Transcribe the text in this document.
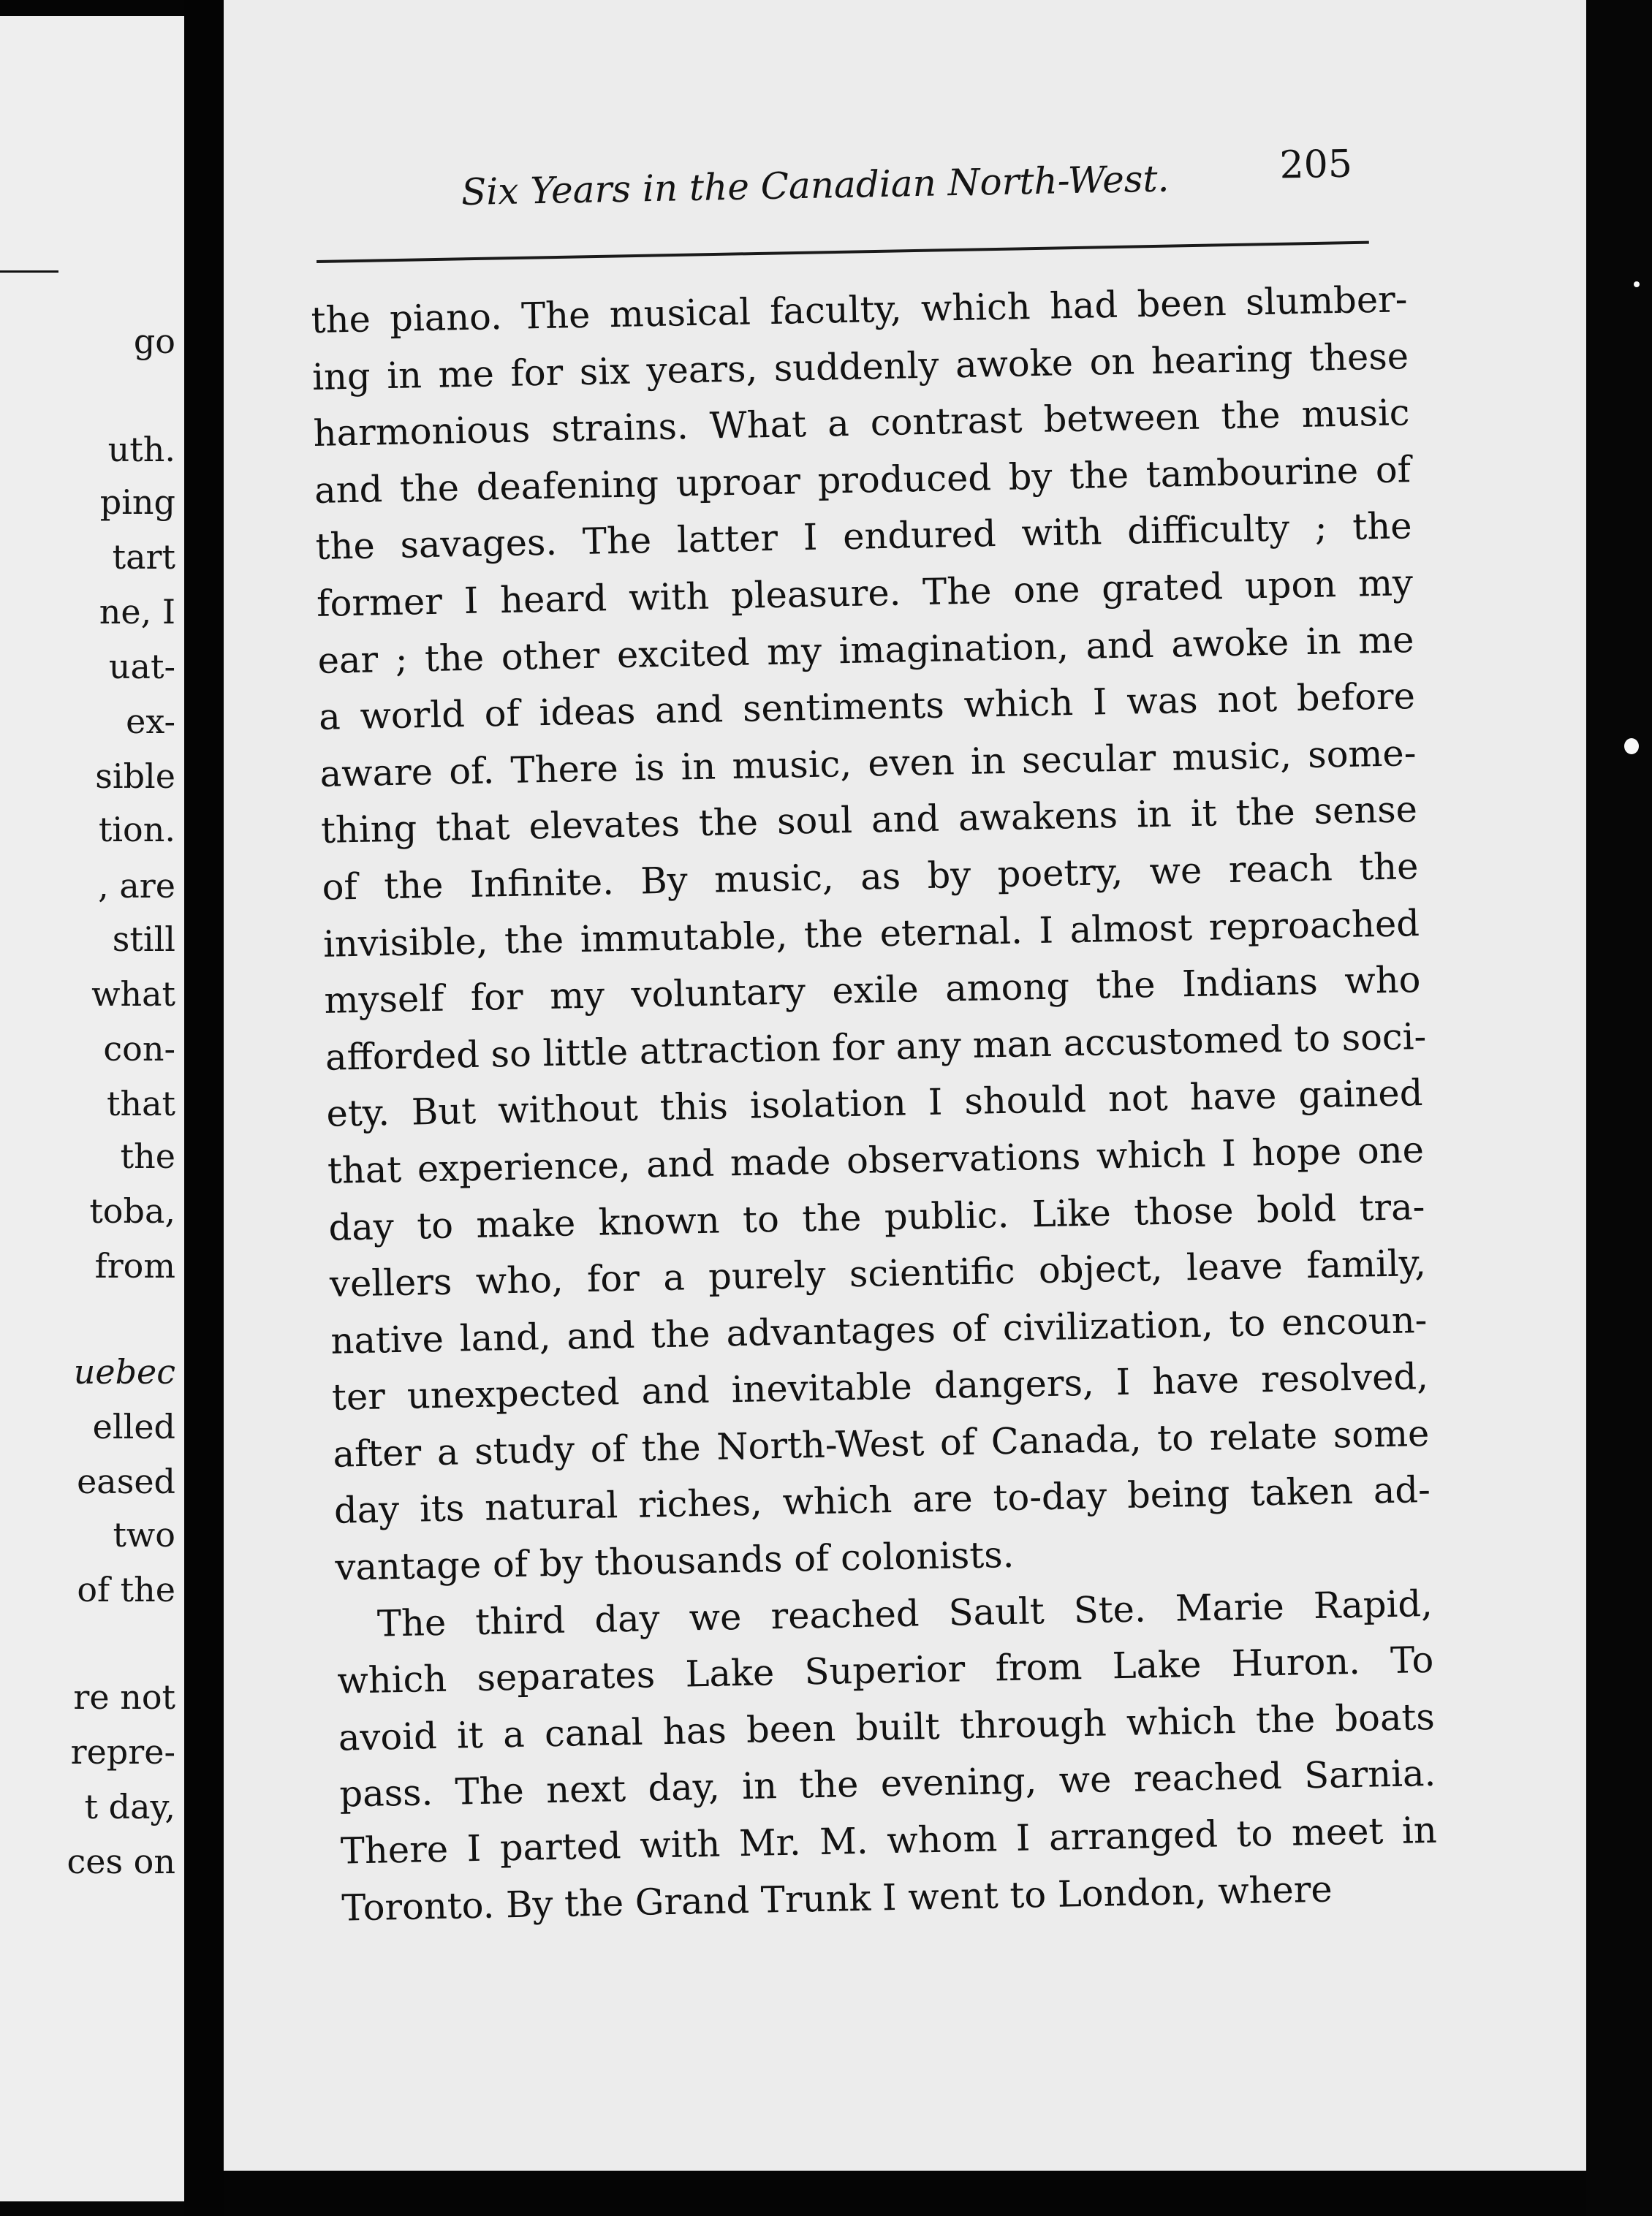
go
uth.
ping
tart
ne, I
uat-
ex-
sible
tion.
, are
still
what
con-
that
the
toba,
from
uebec
elled
eased
two
of the
re not
repre-
t day,
ces on
Six Years in the Canadian North-West.	205
the piano. The musical faculty, which had been slumber-
ing in me for six years, suddenly awoke on hearing these
harmonious strains. What a contrast between the music
and the deafening uproar produced by the tambourine of
the savages. The latter I endured with difficulty ; the
former I heard with pleasure. The one grated upon my
ear ; the other excited my imagination, and awoke in me
a world of ideas and sentiments which I was not before
aware of. There is in music, even in secular music, some-
thing that elevates the soul and awakens in it the sense
of the Infinite. By music, as by poetry, we reach the
invisible, the immutable, the eternal. I almost reproached
myself for my voluntary exile among the Indians who
afforded so little attraction for any man accustomed to soci-
ety. But without this isolation I should not have gained
that experience, and made observations which I hope one
day to make known to the public. Like those bold tra-
vellers who, for a purely scientific object, leave family,
native land, and the advantages of civilization, to encoun-
ter unexpected and inevitable dangers, I have resolved,
after a study of the North-West of Canada, to relate some
day its natural riches, which are to-day being taken ad-
vantage of by thousands of colonists.
The third day we reached Sault Ste. Marie Rapid,
which separates Lake Superior from Lake Huron. To
avoid it a canal has been built through which the boats
pass. The next day, in the evening, we reached Sarnia.
There I parted with Mr. M. whom I arranged to meet in
Toronto. By the Grand Trunk I went to London, where
